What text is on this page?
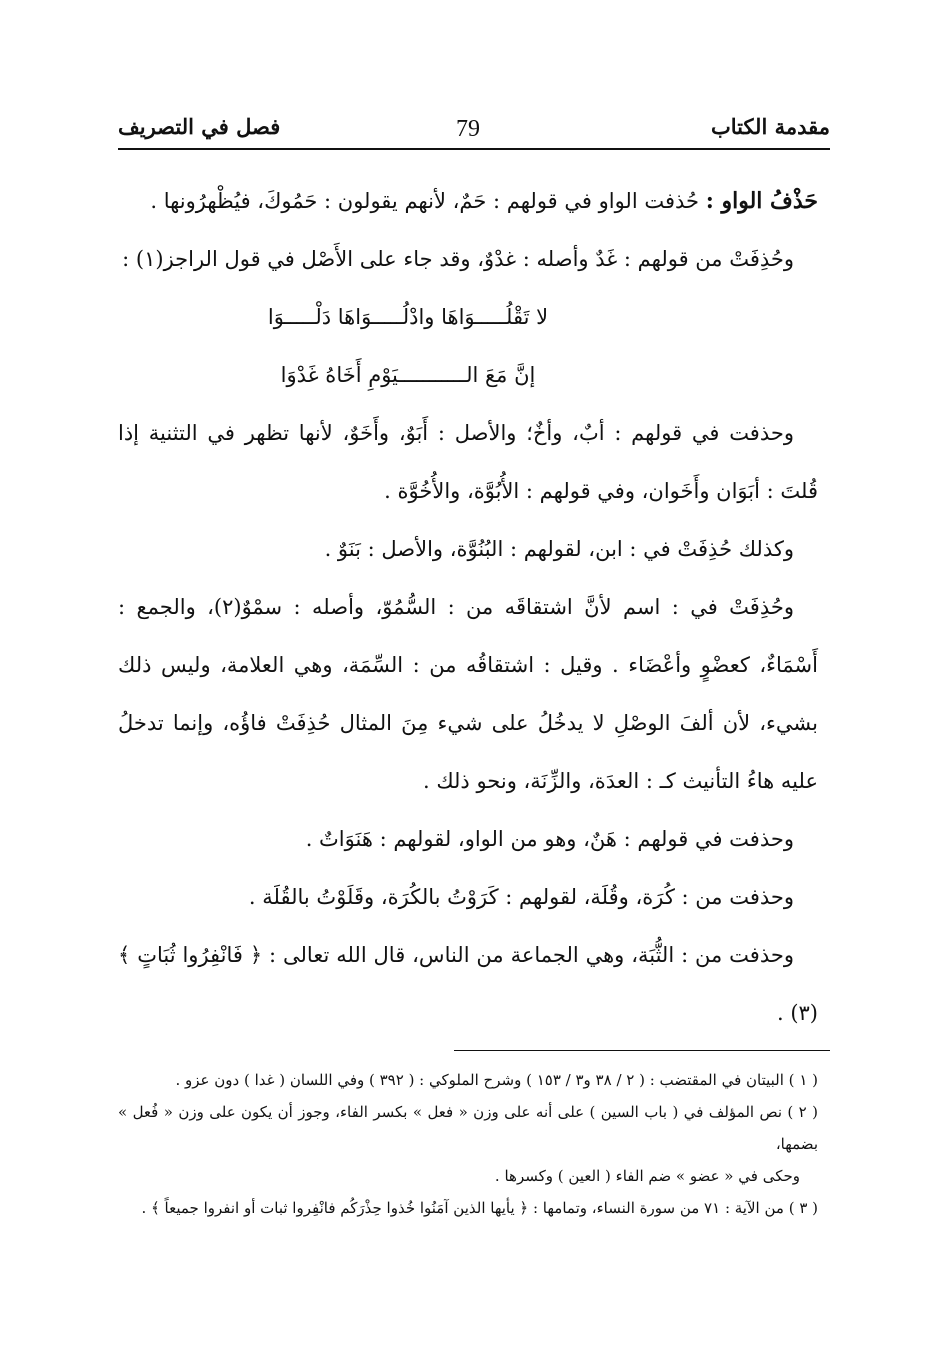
مقدمة الكتاب
79
فصل في التصريف

حَذْفُ الواو : حُذفت الواو في قولهم : حَمٌ، لأنهم يقولون : حَمُوكَ، فيُظْهرُونها .

وحُذِفَتْ من قولهم : غَدٌ وأصله : غدْوٌ، وقد جاء على الأَصْل في قول الراجز(١) :

لا تَقْلُـــــوَاهَا وادْلُـــــوَاهَا دَلْـــــوَا

إنَّ مَعَ الـــــــــــيَوْمِ أَخَاهُ غَدْوَا

وحذفت في قولهم : أبٌ، وأخٌ؛ والأصل : أَبَوٌ، وأَخَوٌ، لأنها تظهر في التثنية إذا قُلتَ : أبَوَان وأَخَوان، وفي قولهم : الأُبُوَّة، والأُخُوَّة .

وكذلك حُذِفَتْ في : ابن، لقولهم : البُنُوَّة، والأصل : بَنَوٌ .

وحُذِفَتْ في : اسم لأنَّ اشتقاقَه من : السُّمُوّ، وأصله : سمْوٌ(٢)، والجمع : أَسْمَاءٌ، كعضْوٍ وأعْضَاء . وقيل : اشتقاقُه من : السِّمَة، وهي العلامة، وليس ذلك بشيء، لأن ألفَ الوصْلِ لا يدخُلُ على شيء مِنَ المثال حُذِفَتْ فاؤُه، وإنما تدخلُ عليه هاءُ التأنيث كـ : العدَة، والزِّنَة، ونحو ذلك .

وحذفت في قولهم : هَنٌ، وهو من الواو، لقولهم : هَنَوَاتٌ .

وحذفت من : كُرَة، وقُلَة، لقولهم : كَرَوْتُ بالكُرَة، وقَلَوْتُ بالقُلَة .

وحذفت من : الثُّبَة، وهي الجماعة من الناس، قال الله تعالى : ﴿ فَانْفِرُوا ثُبَاتٍ ﴾(٣) .

( ١ ) البيتان في المقتضب : ( ٢ / ٣٨ و٣ / ١٥٣ ) وشرح الملوكي : ( ٣٩٢ ) وفي اللسان ( غدا ) دون عزو .

( ٢ ) نص المؤلف في ( باب السين ) على أنه على وزن « فعل » بكسر الفاء، وجوز أن يكون على وزن « فُعل » بضمها،

وحكى في « عضو » ضم الفاء ( العين ) وكسرها .

( ٣ ) من الآية : ٧١ من سورة النساء، وتمامها : ﴿ يأيها الذين آمَنُوا خُذوا حِذْرَكُم فانْفِروا ثبات أو انفروا جميعاً ﴾ .
